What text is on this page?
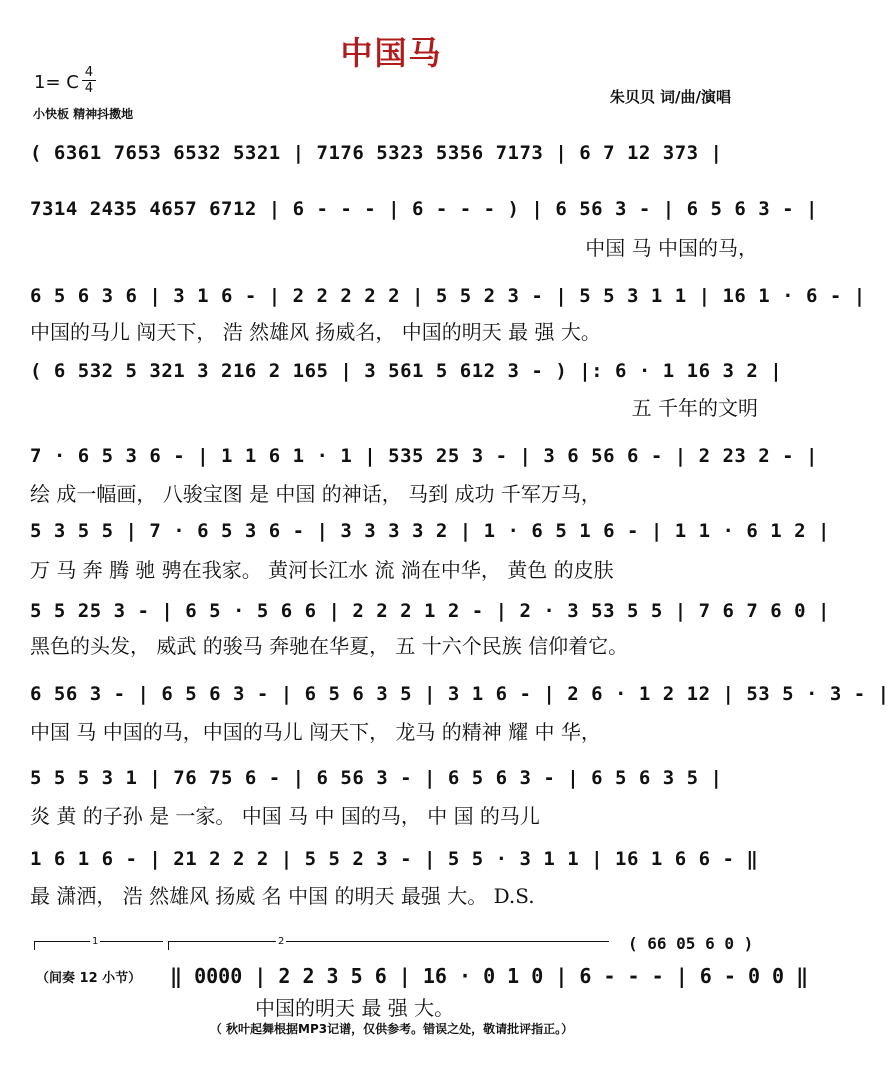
中国马
1= C 4
4
小快板 精神抖擞地
朱贝贝 词/曲/演唱
( 6361 7653 6532 5321 | 7176 5323 5356 7173 | 6 7 12 373 |
7314 2435 4657 6712 | 6 - - - | 6 - - - ) | 6 56 3 - | 6 5 6 3 - |
中国 马 中国的马，
6 5 6 3 6 | 3 1 6 - | 2 2 2 2 2 | 5 5 2 3 - | 5 5 3 1 1 | 16 1 · 6 - |
中国的马儿 闯天下， 浩 然雄风 扬威名， 中国的明天 最 强 大。
( 6 532 5 321 3 216 2 165 | 3 561 5 612 3 - ) |: 6 · 1 16 3 2 |
五 千年的文明
7 · 6 5 3 6 - | 1 1 6 1 · 1 | 535 25 3 - | 3 6 56 6 - | 2 23 2 - |
绘 成一幅画， 八骏宝图 是 中国 的神话， 马到 成功 千军万马，
5 3 5 5 | 7 · 6 5 3 6 - | 3 3 3 3 2 | 1 · 6 5 1 6 - | 1 1 · 6 1 2 |
万 马 奔 腾 驰 骋在我家。 黄河长江水 流 淌在中华， 黄色 的皮肤
5 5 25 3 - | 6 5 · 5 6 6 | 2 2 2 1 2 - | 2 · 3 53 5 5 | 7 6 7 6 0 |
黑色的头发， 威武 的骏马 奔驰在华夏， 五 十六个民族 信仰着它。
6 56 3 - | 6 5 6 3 - | 6 5 6 3 5 | 3 1 6 - | 2 6 · 1 2 12 | 53 5 · 3 - |
中国 马 中国的马，中国的马儿 闯天下， 龙马 的精神 耀 中 华，
5 5 5 3 1 | 76 75 6 - | 6 56 3 - | 6 5 6 3 - | 6 5 6 3 5 |
炎 黄 的子孙 是 一家。 中国 马 中 国的马， 中 国 的马儿
1 6 1 6 - | 21 2 2 2 | 5 5 2 3 - | 5 5 · 3 1 1 | 16 1 6 6 - ‖
最 潇洒， 浩 然雄风 扬威 名 中国 的明天 最强 大。 D.S.
1	2	( 66 05 6 0 )
（间奏 12 小节） ‖ 0000 | 2 2 3 5 6 | 16 · 0 1 0 | 6 - - - | 6 - 0 0 ‖
中国的明天 最 强 大。
（ 秋叶起舞根据MP3记谱，仅供参考。错误之处，敬请批评指正。）
